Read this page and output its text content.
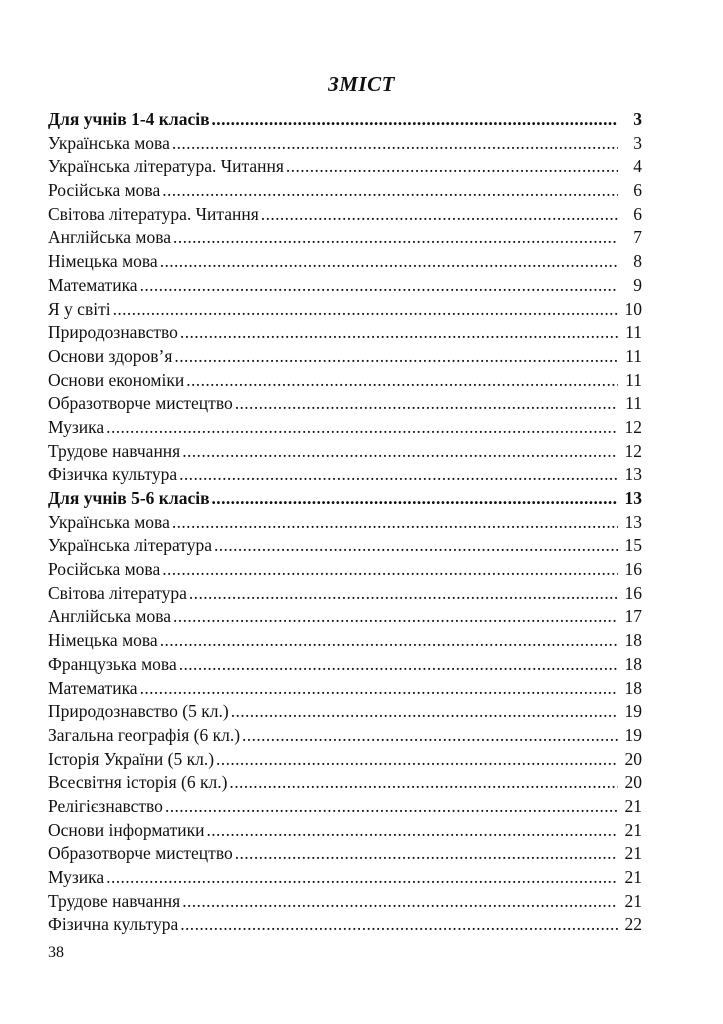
ЗМІСТ
Для учнів 1-4 класів .....	3
Українська мова .....	3
Українська література. Читання .....	4
Російська мова .....	6
Світова література. Читання .....	6
Англійська мова .....	7
Німецька мова .....	8
Математика .....	9
Я у світі .....	10
Природознавство .....	11
Основи здоров’я .....	11
Основи економіки .....	11
Образотворче мистецтво .....	11
Музика .....	12
Трудове навчання .....	12
Фізичка культура .....	13
Для учнів 5-6 класів .....	13
Українська мова .....	13
Українська література .....	15
Російська мова .....	16
Світова література .....	16
Англійська мова .....	17
Німецька мова .....	18
Французька мова .....	18
Математика .....	18
Природознавство (5 кл.) .....	19
Загальна географія (6 кл.) .....	19
Історія України (5 кл.) .....	20
Всесвітня історія (6 кл.) .....	20
Релігієзнавство .....	21
Основи інформатики .....	21
Образотворче мистецтво .....	21
Музика .....	21
Трудове навчання .....	21
Фізична культура .....	22
38
